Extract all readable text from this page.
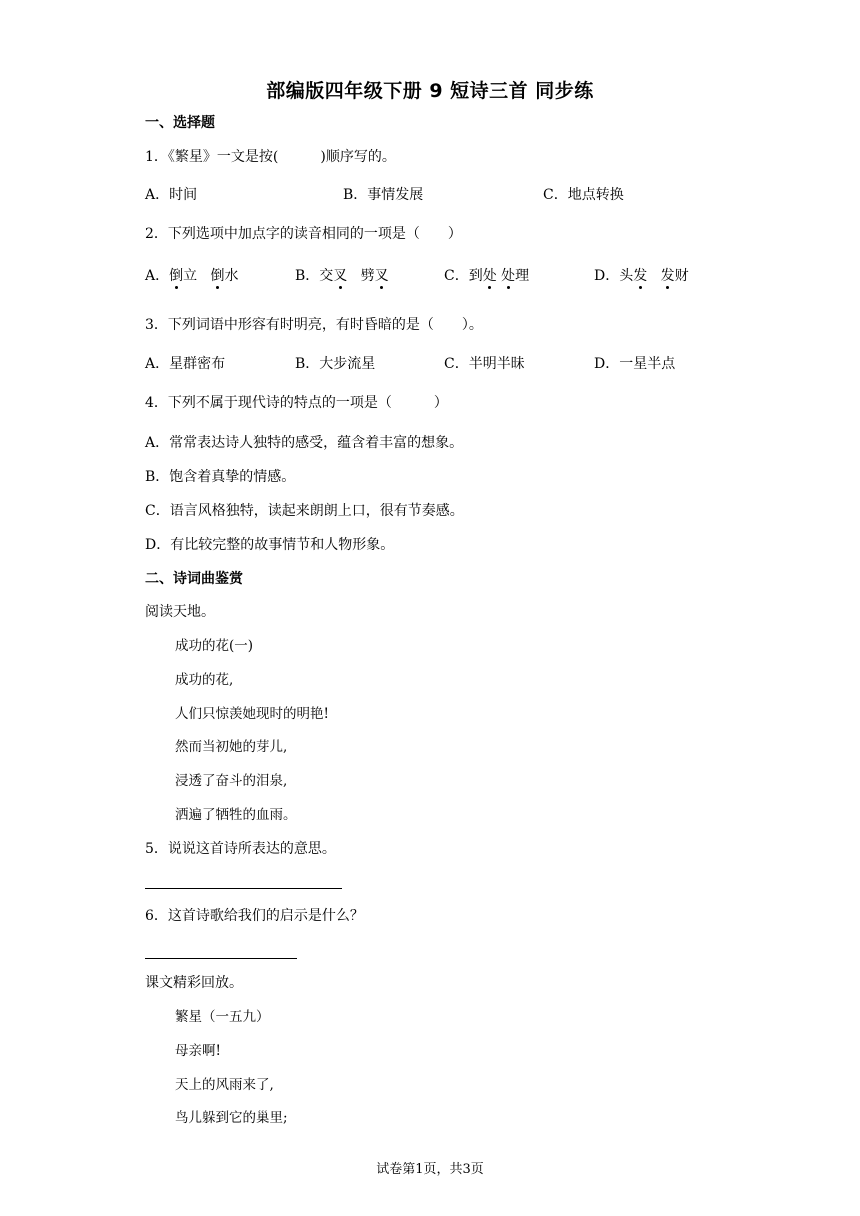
部编版四年级下册 9 短诗三首 同步练
一、选择题
1．《繁星》一文是按(　　　)顺序写的。
A．时间	B．事情发展	C．地点转换
2．下列选项中加点字的读音相同的一项是（　　）
A．倒立 倒水	B．交叉 劈叉	C．到处 处理	D．头发 发财
3．下列词语中形容有时明亮，有时昏暗的是（　　）。
A．星群密布	B．大步流星	C．半明半昧	D．一星半点
4．下列不属于现代诗的特点的一项是（　　　）
A．常常表达诗人独特的感受，蕴含着丰富的想象。
B．饱含着真挚的情感。
C．语言风格独特，读起来朗朗上口，很有节奏感。
D．有比较完整的故事情节和人物形象。
二、诗词曲鉴赏
阅读天地。
成功的花(一)
成功的花,
人们只惊羡她现时的明艳!
然而当初她的芽儿,
浸透了奋斗的泪泉,
洒遍了牺牲的血雨。
5．说说这首诗所表达的意思。
6．这首诗歌给我们的启示是什么？
课文精彩回放。
繁星（一五九）
母亲啊!
天上的风雨来了,
鸟儿躲到它的巢里;
试卷第1页，共3页
